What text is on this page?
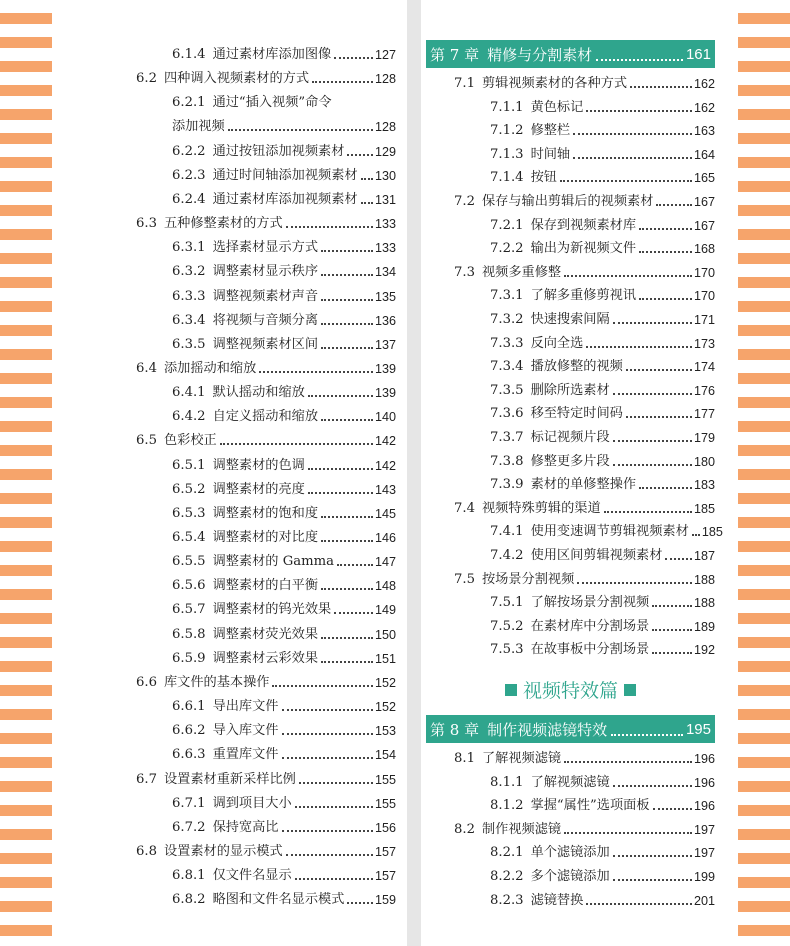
6.1.4 通过素材库添加图像	127
6.2 四种调入视频素材的方式	128
6.2.1 通过“插入视频”命令
添加视频	128
6.2.2 通过按钮添加视频素材 129
6.2.3 通过时间轴添加视频素材 130
6.2.4 通过素材库添加视频素材 131
6.3 五种修整素材的方式	133
6.3.1 选择素材显示方式	133
6.3.2 调整素材显示秩序	134
6.3.3 调整视频素材声音	135
6.3.4 将视频与音频分离	136
6.3.5 调整视频素材区间	137
6.4 添加摇动和缩放	139
6.4.1 默认摇动和缩放	139
6.4.2 自定义摇动和缩放	140
6.5 色彩校正	142
6.5.1 调整素材的色调	142
6.5.2 调整素材的亮度	143
6.5.3 调整素材的饱和度	145
6.5.4 调整素材的对比度	146
6.5.5 调整素材的 Gamma	147
6.5.6 调整素材的白平衡	148
6.5.7 调整素材的钨光效果	149
6.5.8 调整素材荧光效果	150
6.5.9 调整素材云彩效果	151
6.6 库文件的基本操作	152
6.6.1 导出库文件	152
6.6.2 导入库文件	153
6.6.3 重置库文件	154
6.7 设置素材重新采样比例	155
6.7.1 调到项目大小	155
6.7.2 保持宽高比	156
6.8 设置素材的显示模式	157
6.8.1 仅文件名显示	157
6.8.2 略图和文件名显示模式 159
第 7 章 精修与分割素材	161
7.1 剪辑视频素材的各种方式	162
7.1.1 黄色标记	162
7.1.2 修整栏	163
7.1.3 时间轴	164
7.1.4 按钮	165
7.2 保存与输出剪辑后的视频素材	167
7.2.1 保存到视频素材库	167
7.2.2 输出为新视频文件	168
7.3 视频多重修整	170
7.3.1 了解多重修剪视讯	170
7.3.2 快速搜索间隔	171
7.3.3 反向全选	173
7.3.4 播放修整的视频	174
7.3.5 删除所选素材	176
7.3.6 移至特定时间码	177
7.3.7 标记视频片段	179
7.3.8 修整更多片段	180
7.3.9 素材的单修整操作	183
7.4 视频特殊剪辑的渠道	185
7.4.1 使用变速调节剪辑视频素材 185
7.4.2 使用区间剪辑视频素材	187
7.5 按场景分割视频	188
7.5.1 了解按场景分割视频	188
7.5.2 在素材库中分割场景	189
7.5.3 在故事板中分割场景	192
视频特效篇
第 8 章 制作视频滤镜特效	195
8.1 了解视频滤镜	196
8.1.1 了解视频滤镜	196
8.1.2 掌握“属性”选项面板	196
8.2 制作视频滤镜	197
8.2.1 单个滤镜添加	197
8.2.2 多个滤镜添加	199
8.2.3 滤镜替换	201
